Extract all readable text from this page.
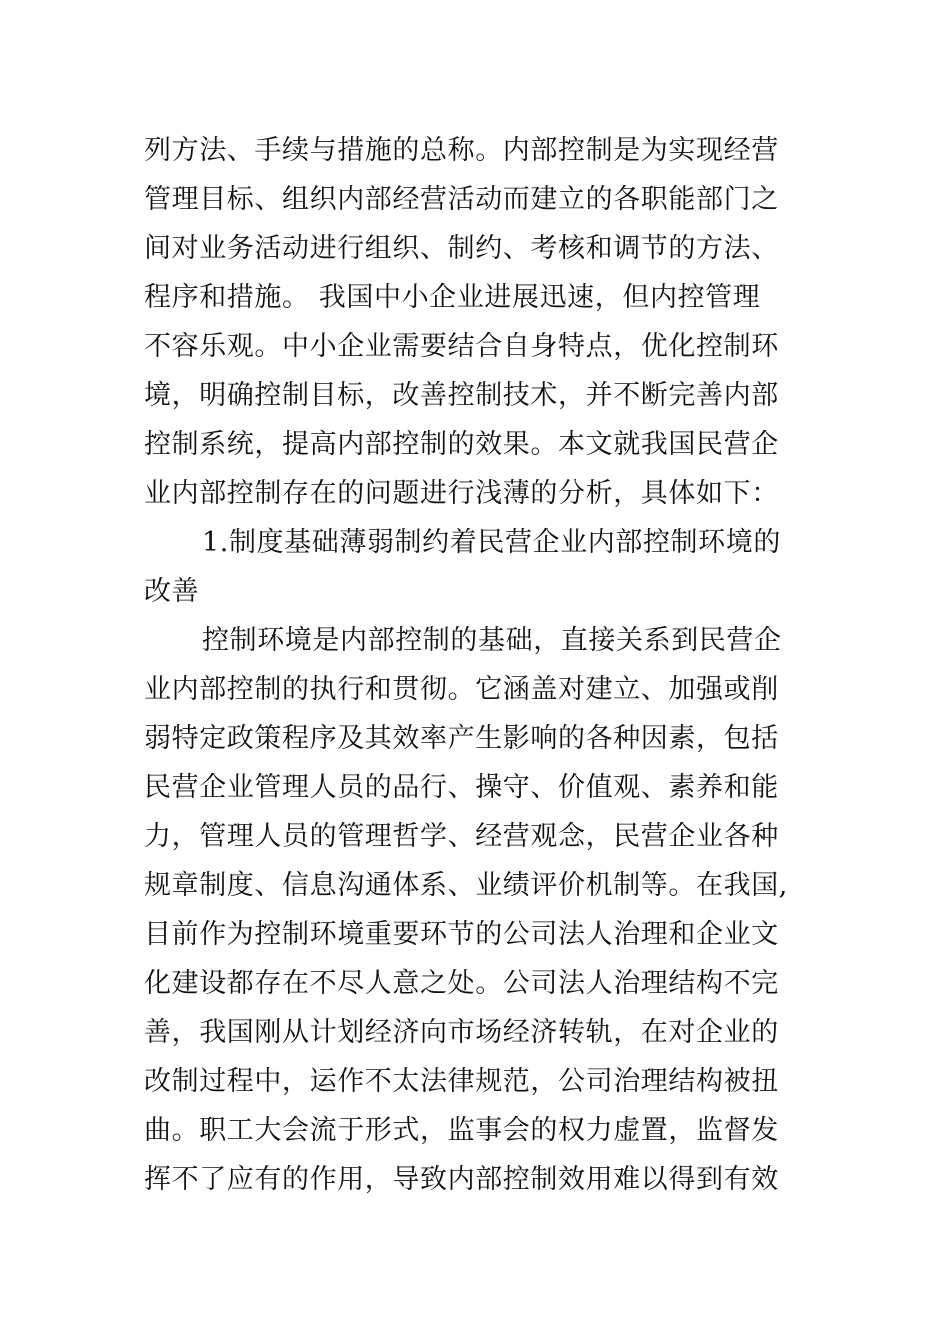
列方法、手续与措施的总称。内部控制是为实现经营
管理目标、组织内部经营活动而建立的各职能部门之
间对业务活动进行组织、制约、考核和调节的方法、
程序和措施。 我国中小企业进展迅速，但内控管理
不容乐观。中小企业需要结合自身特点，优化控制环
境，明确控制目标，改善控制技术，并不断完善内部
控制系统，提高内部控制的效果。本文就我国民营企
业内部控制存在的问题进行浅薄的分析，具体如下：
1.制度基础薄弱制约着民营企业内部控制环境的
改善
控制环境是内部控制的基础，直接关系到民营企
业内部控制的执行和贯彻。它涵盖对建立、加强或削
弱特定政策程序及其效率产生影响的各种因素，包括
民营企业管理人员的品行、操守、价值观、素养和能
力，管理人员的管理哲学、经营观念，民营企业各种
规章制度、信息沟通体系、业绩评价机制等。在我国,
目前作为控制环境重要环节的公司法人治理和企业文
化建设都存在不尽人意之处。公司法人治理结构不完
善，我国刚从计划经济向市场经济转轨，在对企业的
改制过程中，运作不太法律规范，公司治理结构被扭
曲。职工大会流于形式，监事会的权力虚置，监督发
挥不了应有的作用，导致内部控制效用难以得到有效
